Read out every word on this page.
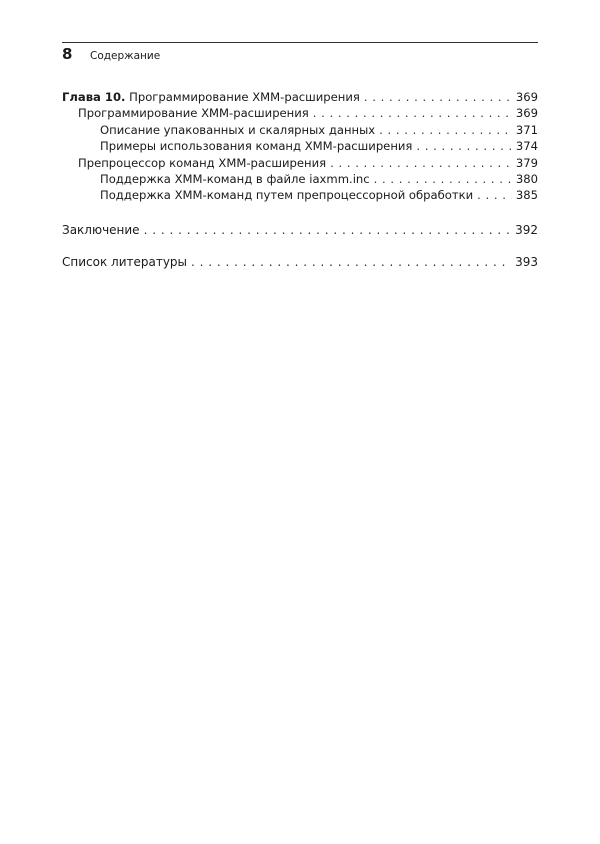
8	Содержание
Глава 10. Программирование XMM-расширения . . .	369
Программирование XMM-расширения . . .	369
Описание упакованных и скалярных данных . . .	371
Примеры использования команд XMM-расширения . . .	374
Препроцессор команд XMM-расширения . . .	379
Поддержка XMM-команд в файле iaxmm.inc . . .	380
Поддержка XMM-команд путем препроцессорной обработки . . .	385
Заключение . . .	392
Список литературы . . .	393
